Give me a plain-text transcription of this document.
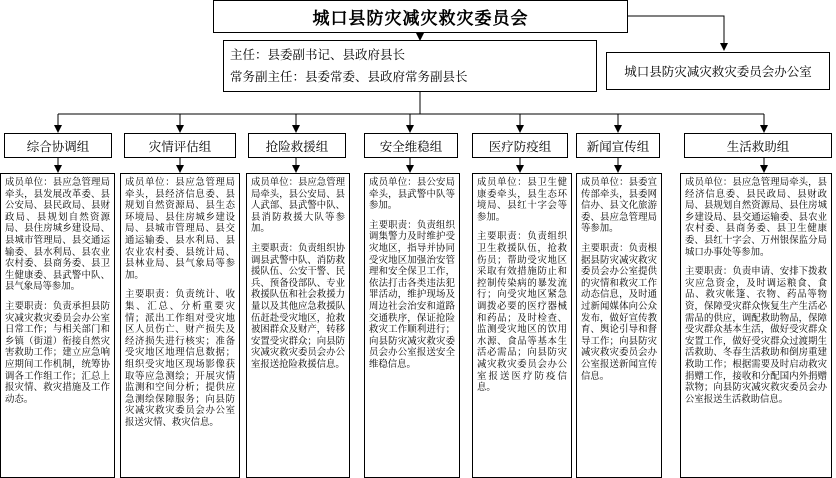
城口县防灾减灾救灾委员会
主任：县委副书记、县政府县长
常务副主任：县委常委、县政府常务副县长	城口县防灾减灾救灾委员会办公室
综合协调组	灾情评估组	抢险救援组	安全维稳组	医疗防疫组	新闻宣传组	生活救助组

成员单位：县应急管理局牵头，县发展改革委、县公安局、县民政局、县财政局、县规划自然资源局、县住房城乡建设局、县城市管理局、县交通运输委、县水利局、县农业农村委、县商务委、县卫生健康委、县武警中队、县气象局等参加。

主要职责：负责承担县防灾减灾救灾委员会办公室日常工作；与相关部门和乡镇（街道）衔接自然灾害救助工作；建立应急响应期间工作机制，统筹协调各工作组工作；汇总上报灾情、救灾措施及工作动态。

成员单位：县应急管理局牵头，县经济信息委、县规划自然资源局、县生态环境局、县住房城乡建设局、县城市管理局、县交通运输委、县水利局、县农业农村委、县统计局、县林业局、县气象局等参加。

主要职责：负责统计、收集、汇总、分析重要灾情；派出工作组对受灾地区人员伤亡、财产损失及经济损失进行核实；准备受灾地区地理信息数据；组织受灾地区现场影像获取等应急测绘；开展灾情监测和空间分析；提供应急测绘保障服务；向县防灾减灾救灾委员会办公室报送灾情、救灾信息。

成员单位：县应急管理局牵头，县公安局、县人武部、县武警中队、县消防救援大队等参加。

主要职责：负责组织协调县武警中队、消防救援队伍、公安干警、民兵、预备役部队、专业救援队伍和社会救援力量以及其他应急救援队伍赶赴受灾地区，抢救被困群众及财产，转移安置受灾群众；向县防灾减灾救灾委员会办公室报送抢险救援信息。

成员单位：县公安局牵头，县武警中队等参加。

主要职责：负责组织调集警力及时维护受灾地区，指导并协同受灾地区加强治安管理和安全保卫工作，依法打击各类违法犯罪活动，维护现场及周边社会治安和道路交通秩序，保证抢险救灾工作顺利进行；向县防灾减灾救灾委员会办公室报送安全维稳信息。

成员单位：县卫生健康委牵头，县生态环境局、县红十字会等参加。

主要职责：负责组织卫生救援队伍，抢救伤员；帮助受灾地区采取有效措施防止和控制传染病的暴发流行；向受灾地区紧急调拨必要的医疗器械和药品；及时检查、监测受灾地区的饮用水源、食品等基本生活必需品；向县防灾减灾救灾委员会办公室报送医疗防疫信息。

成员单位：县委宣传部牵头，县委网信办、县文化旅游委、县应急管理局等参加。

主要职责：负责根据县防灾减灾救灾委员会办公室提供的灾情和救灾工作动态信息，及时通过新闻媒体向公众发布，做好宣传教育、舆论引导和督导工作；向县防灾减灾救灾委员会办公室报送新闻宣传信息。

成员单位：县应急管理局牵头，县经济信息委、县民政局、县财政局、县规划自然资源局、县住房城乡建设局、县交通运输委、县农业农村委、县商务委、县卫生健康委、县红十字会、万州银保监分局城口办事处等参加。

主要职责：负责申请、安排下拨救灾应急资金，及时调运粮食、食品、救灾帐篷、衣物、药品等物资，保障受灾群众恢复生产生活必需品的供应，调配救助物品，保障受灾群众基本生活，做好受灾群众安置工作，做好受灾群众过渡期生活救助、冬春生活救助和倒房重建救助工作；根据需要及时启动救灾捐赠工作，接收和分配国内外捐赠款物；向县防灾减灾救灾委员会办公室报送生活救助信息。
